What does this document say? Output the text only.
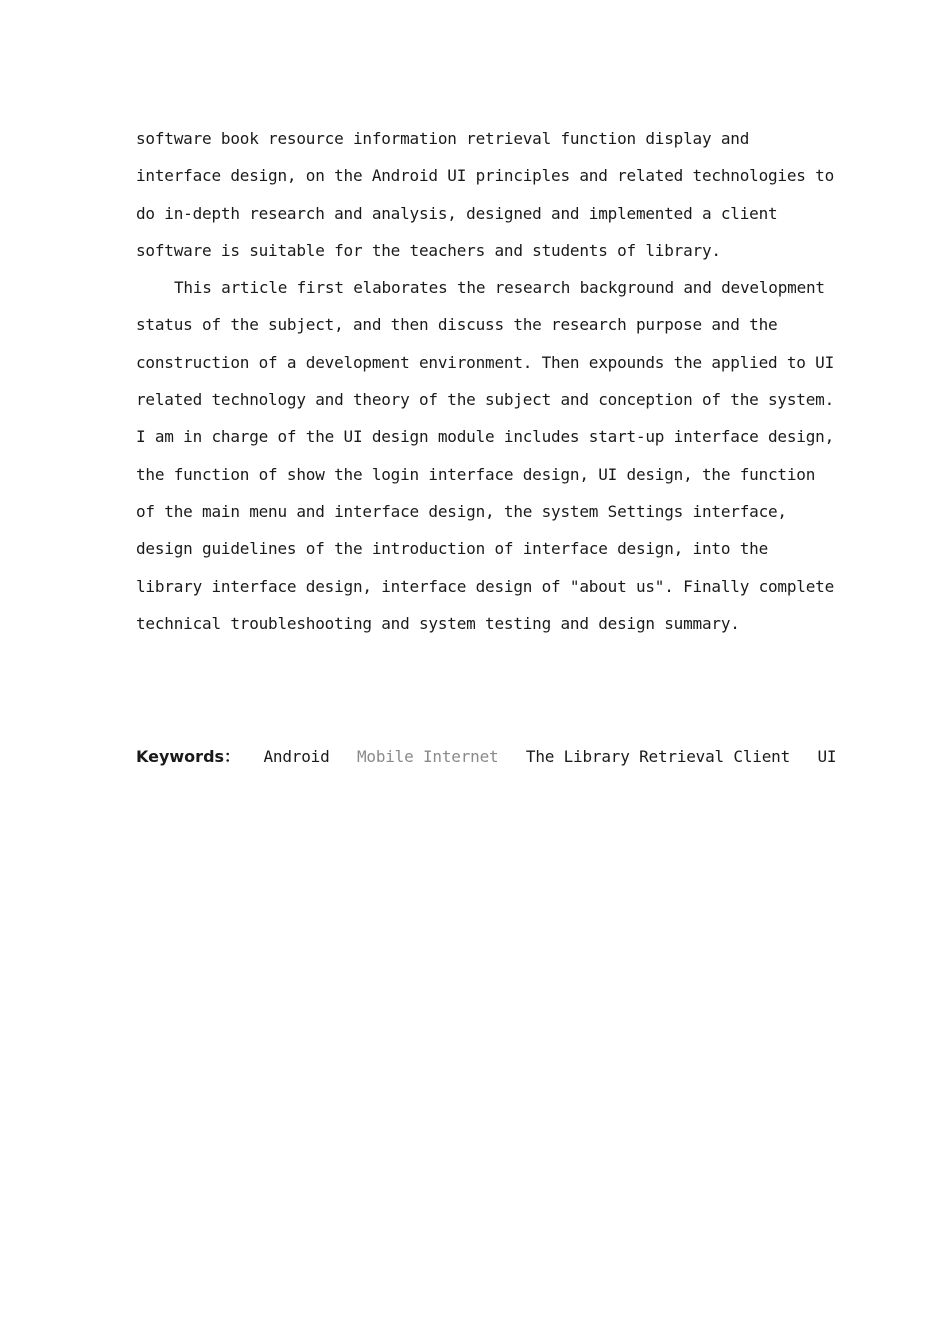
software book resource information retrieval function display and interface design, on the Android UI principles and related technologies to do in-depth research and analysis, designed and implemented a client software is suitable for the teachers and students of library.

This article first elaborates the research background and development status of the subject, and then discuss the research purpose and the construction of a development environment. Then expounds the applied to UI related technology and theory of the subject and conception of the system. I am in charge of the UI design module includes start-up interface design, the function of show the login interface design, UI design, the function of the main menu and interface design, the system Settings interface, design guidelines of the introduction of interface design, into the library interface design, interface design of "about us". Finally complete technical troubleshooting and system testing and design summary.

Keywords： Android Mobile Internet The Library Retrieval Client UI
